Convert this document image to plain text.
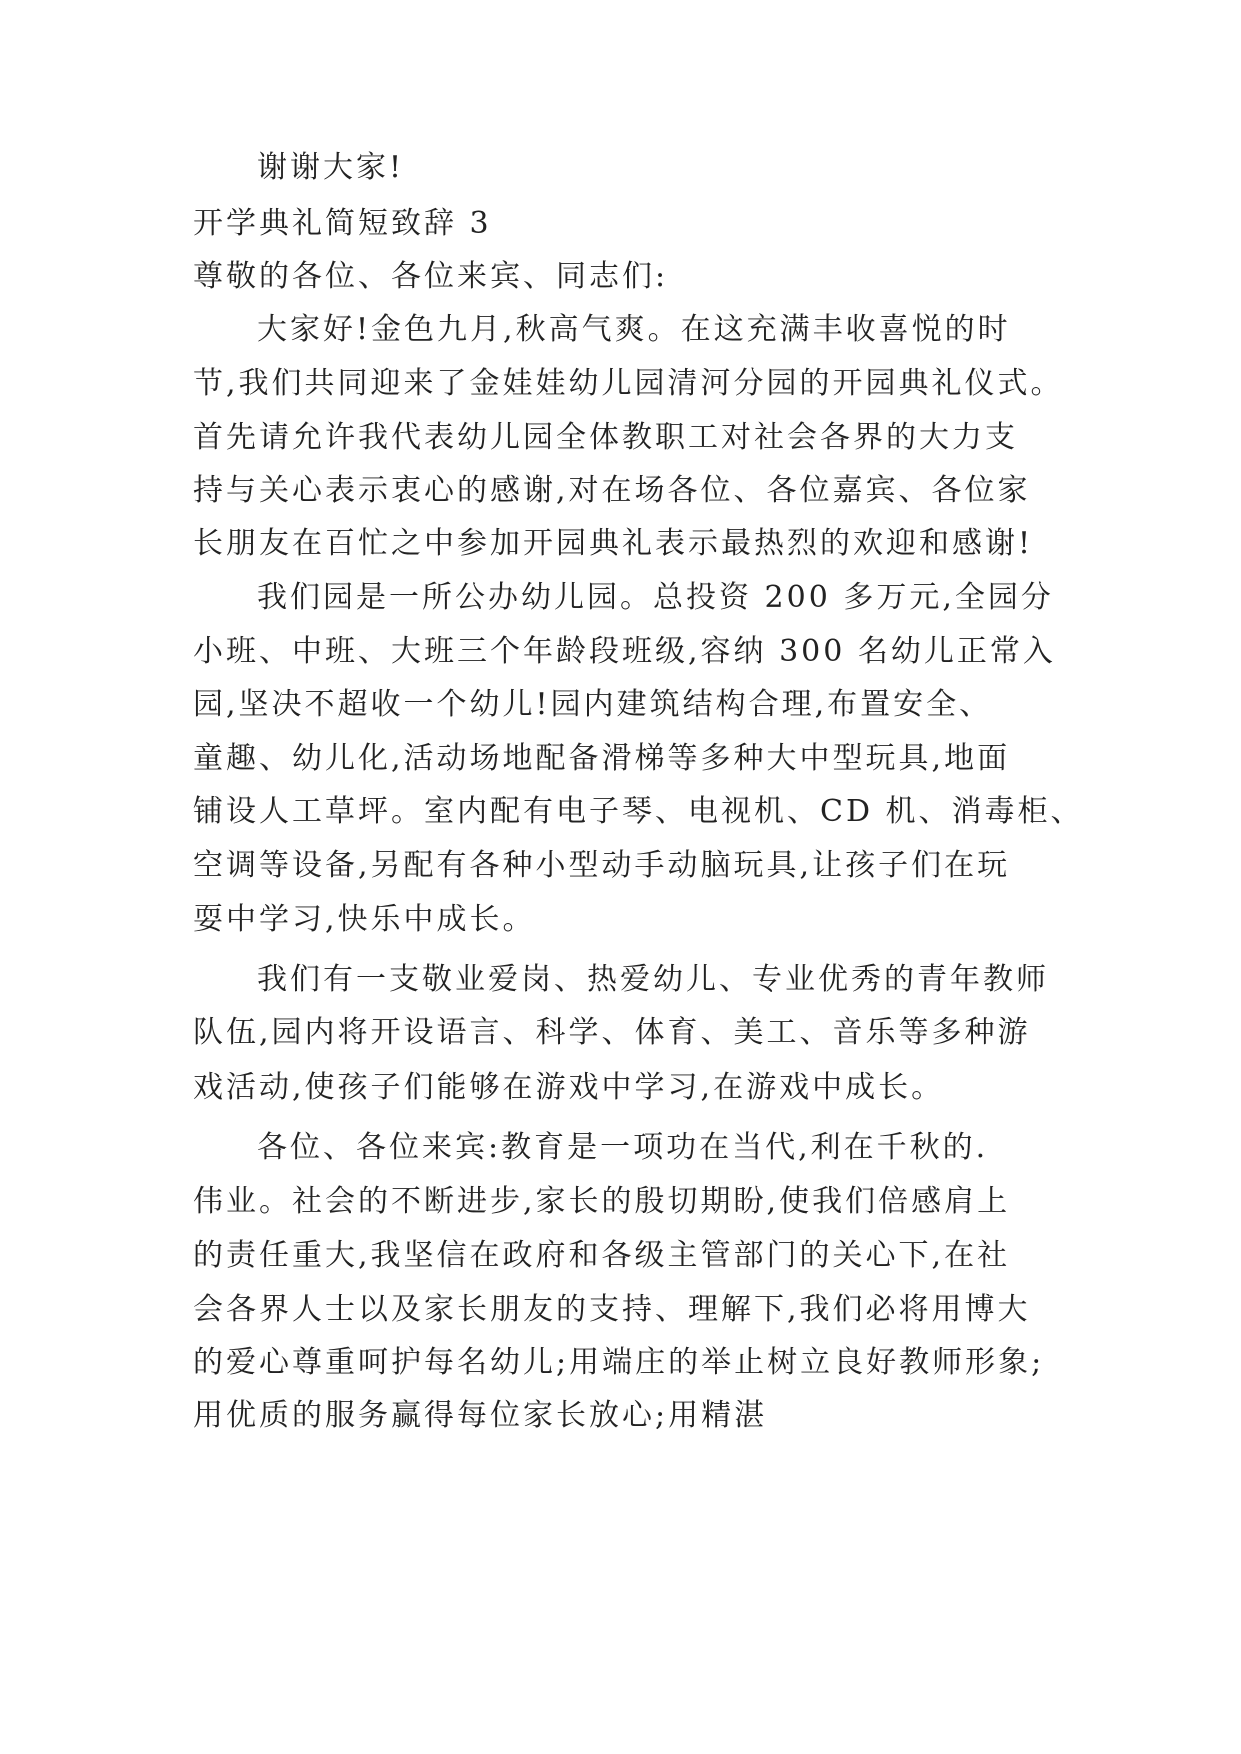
谢谢大家!
开学典礼简短致辞 3
尊敬的各位、各位来宾、同志们:
大家好!金色九月,秋高气爽。在这充满丰收喜悦的时
节,我们共同迎来了金娃娃幼儿园清河分园的开园典礼仪式。
首先请允许我代表幼儿园全体教职工对社会各界的大力支
持与关心表示衷心的感谢,对在场各位、各位嘉宾、各位家
长朋友在百忙之中参加开园典礼表示最热烈的欢迎和感谢!
我们园是一所公办幼儿园。总投资 200 多万元,全园分
小班、中班、大班三个年龄段班级,容纳 300 名幼儿正常入
园,坚决不超收一个幼儿!园内建筑结构合理,布置安全、
童趣、幼儿化,活动场地配备滑梯等多种大中型玩具,地面
铺设人工草坪。室内配有电子琴、电视机、CD 机、消毒柜、
空调等设备,另配有各种小型动手动脑玩具,让孩子们在玩
耍中学习,快乐中成长。
我们有一支敬业爱岗、热爱幼儿、专业优秀的青年教师
队伍,园内将开设语言、科学、体育、美工、音乐等多种游
戏活动,使孩子们能够在游戏中学习,在游戏中成长。
各位、各位来宾:教育是一项功在当代,利在千秋的.
伟业。社会的不断进步,家长的殷切期盼,使我们倍感肩上
的责任重大,我坚信在政府和各级主管部门的关心下,在社
会各界人士以及家长朋友的支持、理解下,我们必将用博大
的爱心尊重呵护每名幼儿;用端庄的举止树立良好教师形象;
用优质的服务赢得每位家长放心;用精湛
